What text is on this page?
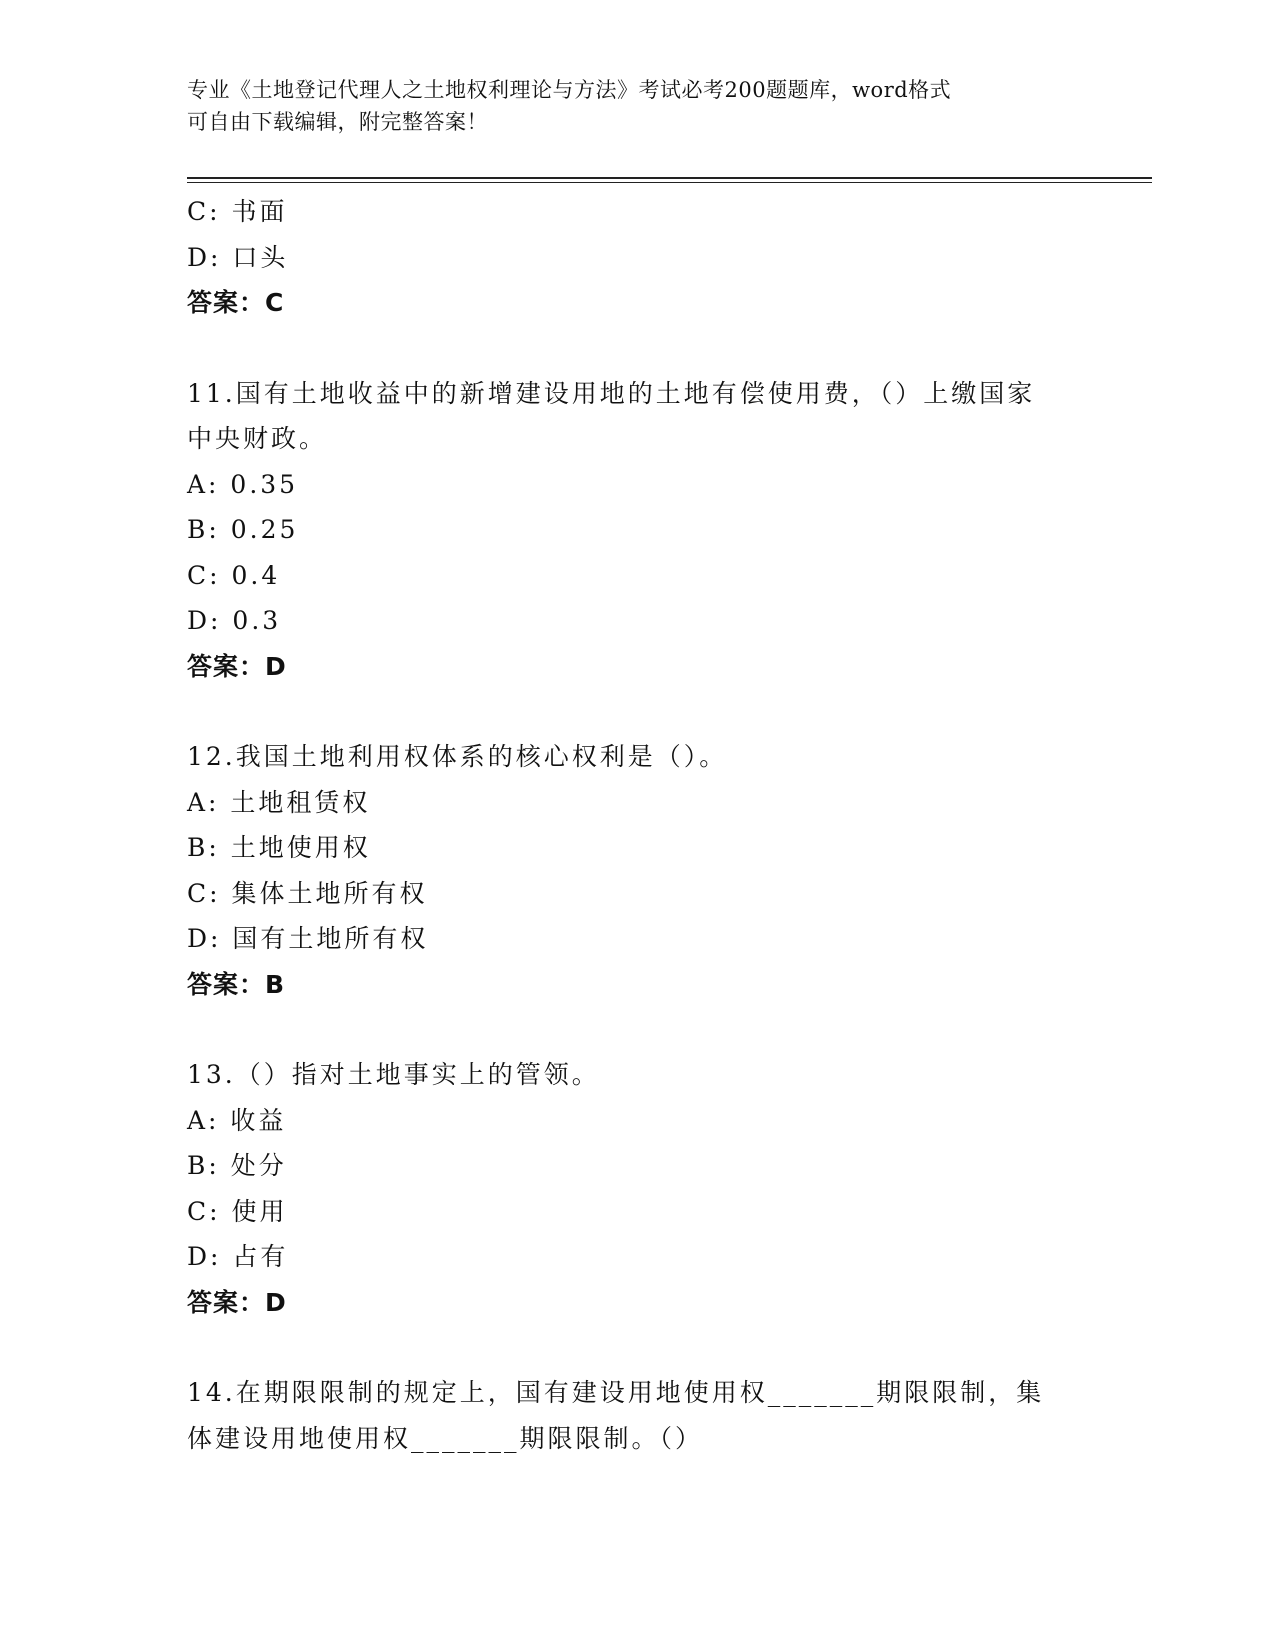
专业《土地登记代理人之土地权利理论与方法》考试必考200题题库，word格式
可自由下载编辑，附完整答案！
C: 书面
D: 口头
答案：C
11.国有土地收益中的新增建设用地的土地有偿使用费，（）上缴国家
中央财政。
A: 0.35
B: 0.25
C: 0.4
D: 0.3
答案：D
12.我国土地利用权体系的核心权利是（）。
A: 土地租赁权
B: 土地使用权
C: 集体土地所有权
D: 国有土地所有权
答案：B
13.（）指对土地事实上的管领。
A: 收益
B: 处分
C: 使用
D: 占有
答案：D
14.在期限限制的规定上，国有建设用地使用权_______期限限制，集
体建设用地使用权_______期限限制。（）
